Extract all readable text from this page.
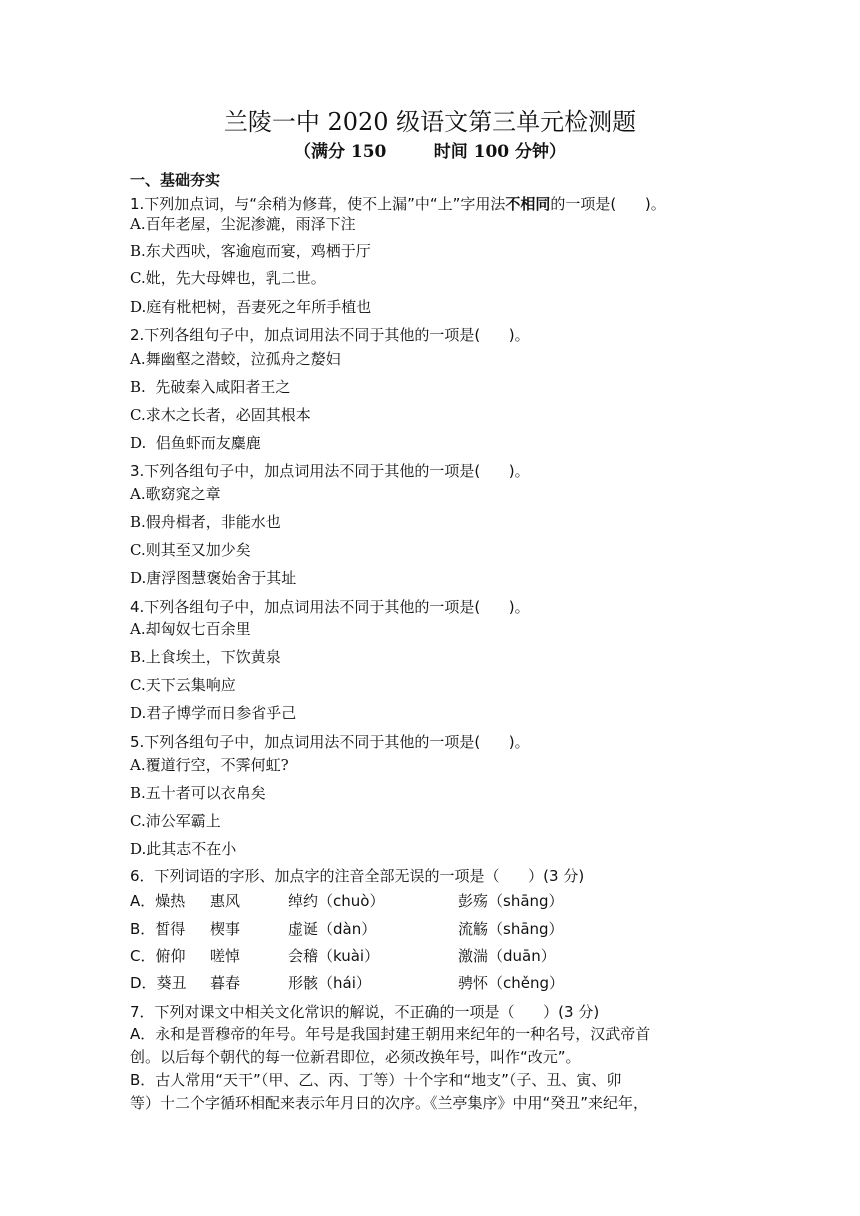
兰陵一中 2020 级语文第三单元检测题
（满分 150        时间 100 分钟）
一、基础夯实
1.下列加点词，与“余稍为修葺，使不上漏”中“上”字用法不相同的一项是(      )。
A.百年老屋，尘泥渗漉，雨泽下注
B.东犬西吠，客逾庖而宴，鸡栖于厅
C.妣，先大母婢也，乳二世。
D.庭有枇杷树，吾妻死之年所手植也
2.下列各组句子中，加点词用法不同于其他的一项是(      )。
A.舞幽壑之潜蛟，泣孤舟之嫠妇
B.  先破秦入咸阳者王之
C.求木之长者，必固其根本
D.  侣鱼虾而友麋鹿
3.下列各组句子中，加点词用法不同于其他的一项是(      )。
A.歌窈窕之章
B.假舟楫者，非能水也
C.则其至又加少矣
D.唐浮图慧褒始舍于其址
4.下列各组句子中，加点词用法不同于其他的一项是(      )。
A.却匈奴七百余里
B.上食埃土，下饮黄泉
C.天下云集响应
D.君子博学而日参省乎己
5.下列各组句子中，加点词用法不同于其他的一项是(      )。
A.覆道行空，不霁何虹?
B.五十者可以衣帛矣
C.沛公军霸上
D.此其志不在小
6．下列词语的字形、加点字的注音全部无误的一项是（      ）(3 分)
A．燥热 惠风	绰约（chuò）	彭殇（shāng）
B．皙得 楔事	虚诞（dàn）	流觞（shāng）
C．俯仰 嗟悼	会稽（kuài）	激湍（duān）
D．葵丑 暮春	形骸（hái）	骋怀（chěng）
7．下列对课文中相关文化常识的解说，不正确的一项是（      ）(3 分)
A．永和是晋穆帝的年号。年号是我国封建王朝用来纪年的一种名号，汉武帝首
创。以后每个朝代的每一位新君即位，必须改换年号，叫作“改元”。
B．古人常用“天干”（甲、乙、丙、丁等）十个字和“地支”（子、丑、寅、卯
等）十二个字循环相配来表示年月日的次序。《兰亭集序》中用“癸丑”来纪年，
